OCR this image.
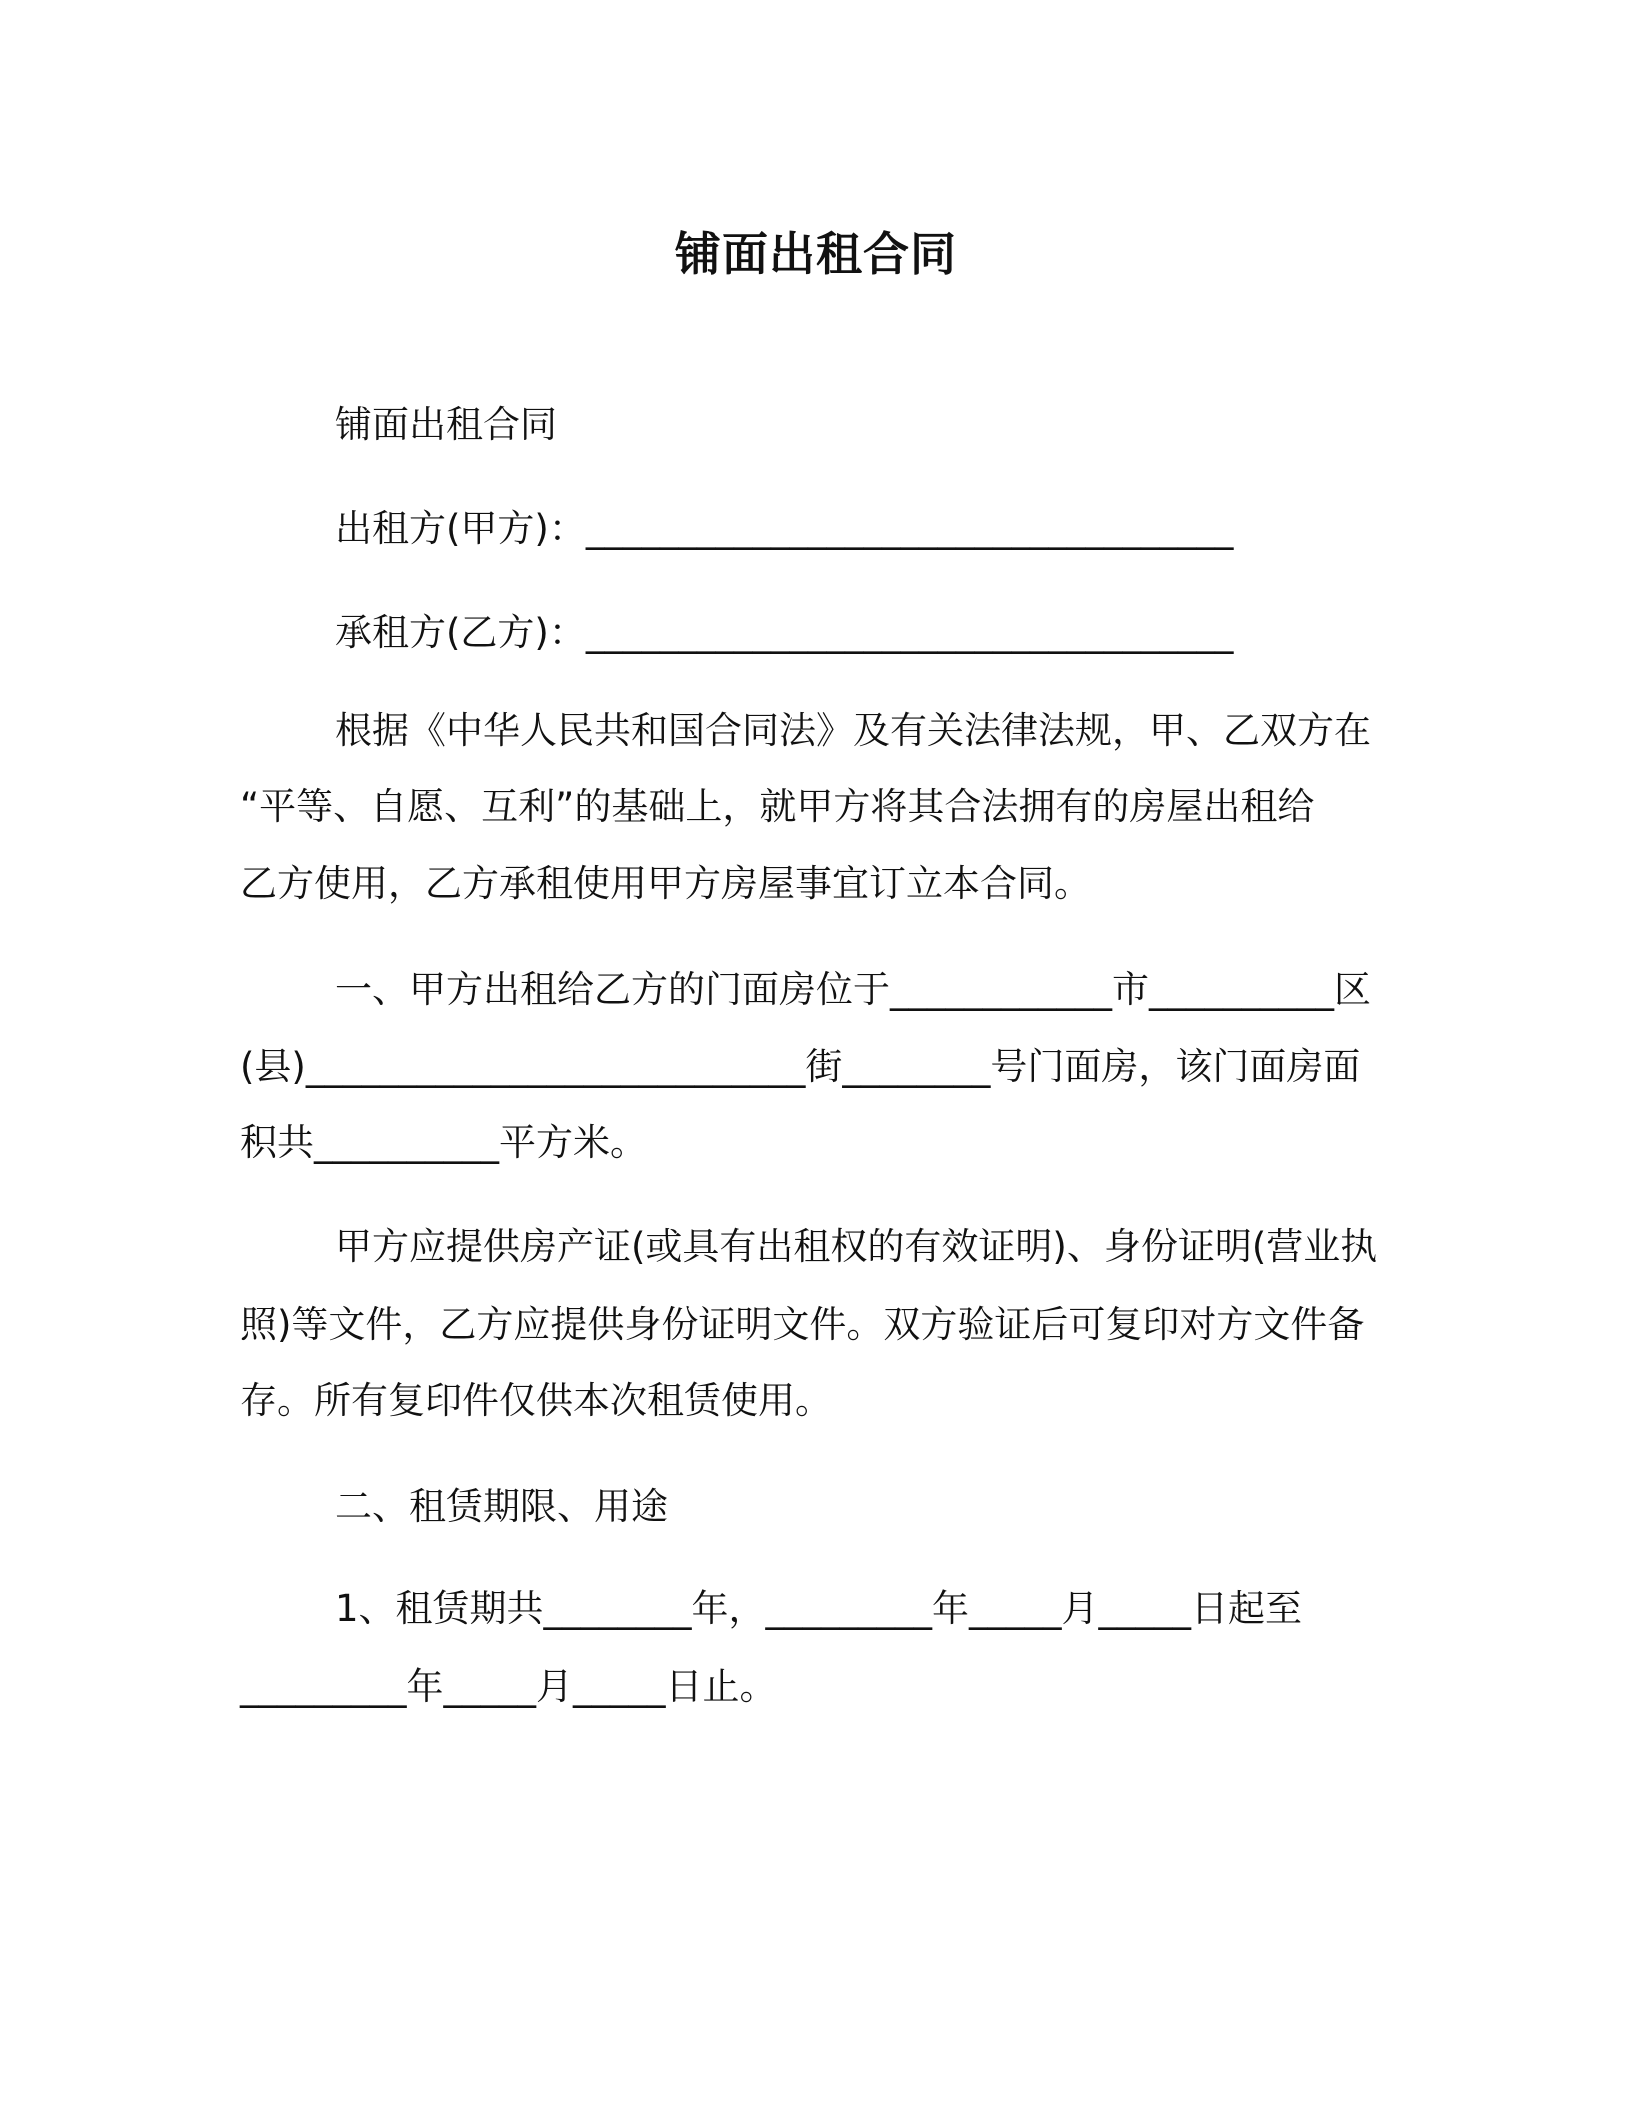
铺面出租合同
铺面出租合同
出租方(甲方)：___________________________________
承租方(乙方)：___________________________________
根据《中华人民共和国合同法》及有关法律法规，甲、乙双方在
“平等、自愿、互利”的基础上，就甲方将其合法拥有的房屋出租给
乙方使用，乙方承租使用甲方房屋事宜订立本合同。
一、甲方出租给乙方的门面房位于____________市__________区
(县)___________________________街________号门面房，该门面房面
积共__________平方米。
甲方应提供房产证(或具有出租权的有效证明)、身份证明(营业执
照)等文件，乙方应提供身份证明文件。双方验证后可复印对方文件备
存。所有复印件仅供本次租赁使用。
二、租赁期限、用途
1、租赁期共________年，_________年_____月_____日起至
_________年_____月_____日止。
